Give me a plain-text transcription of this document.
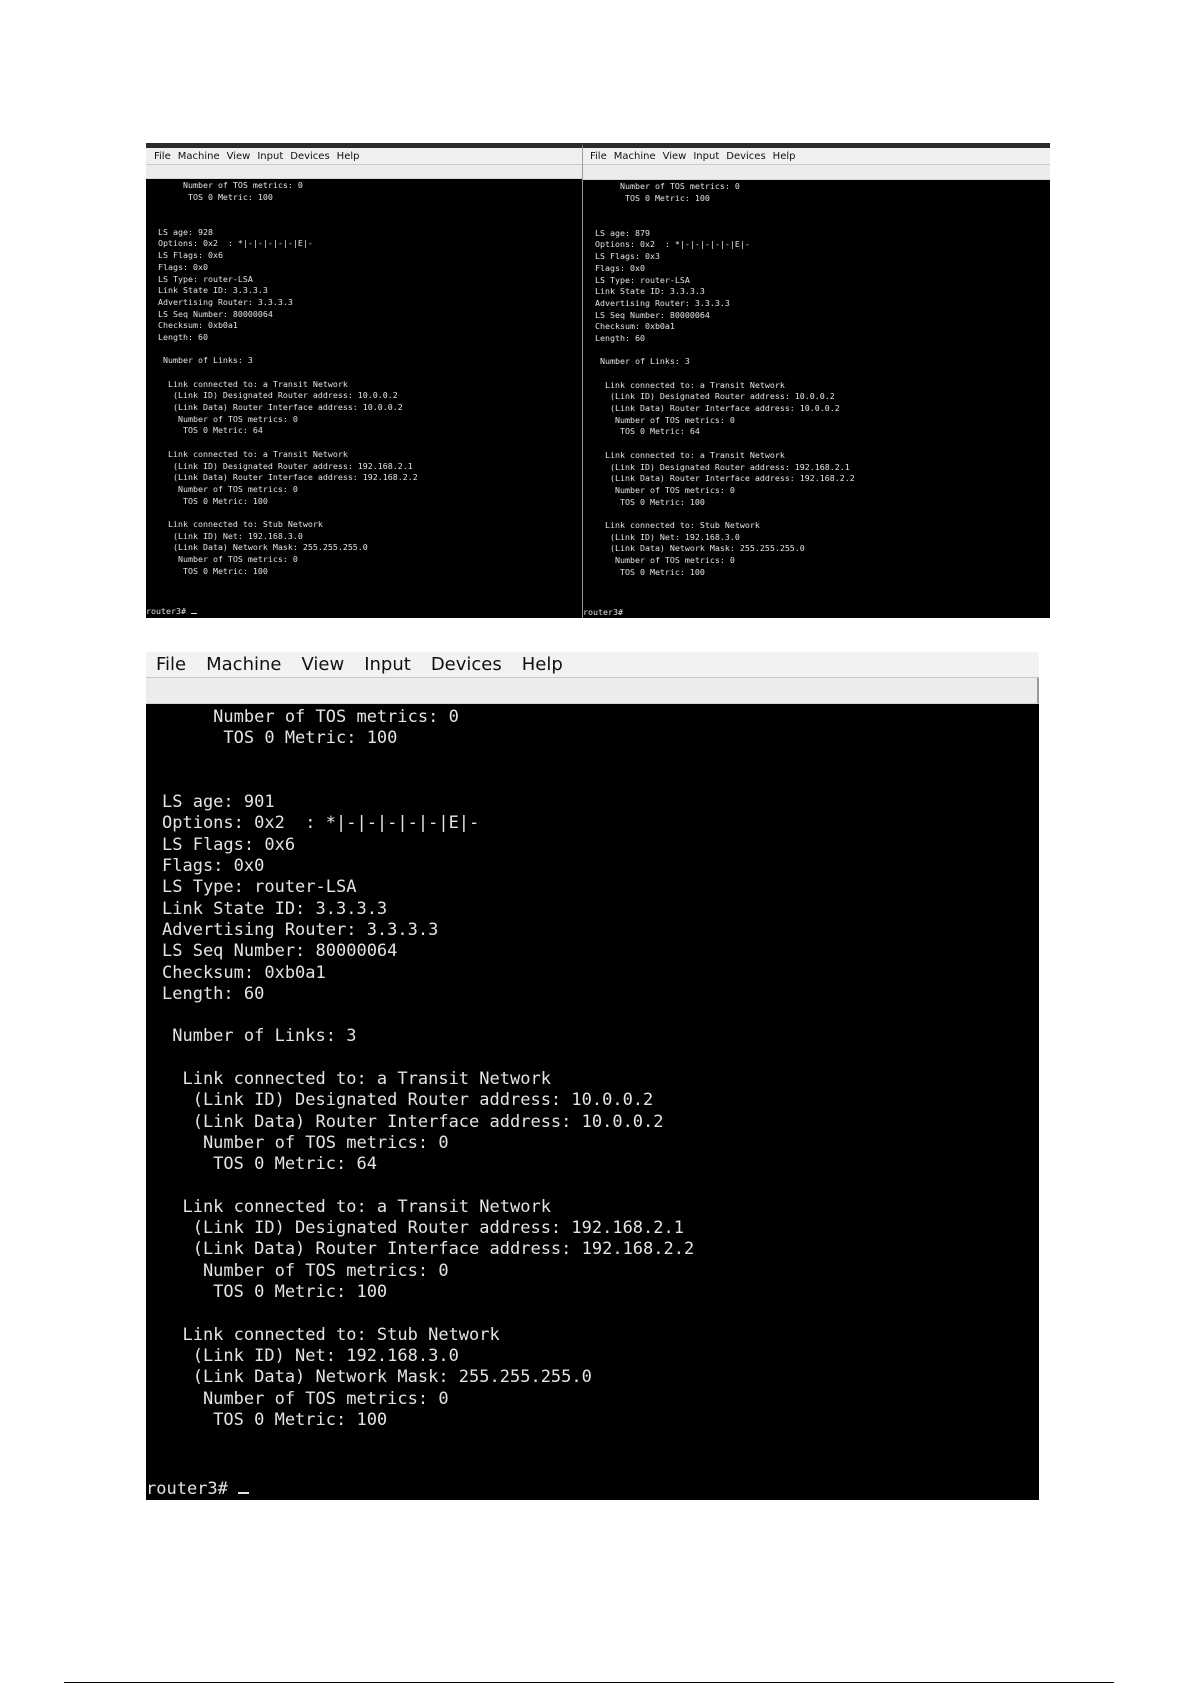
File Machine View Input Devices Help
Number of TOS metrics: 0
TOS 0 Metric: 100
LS age: 928
Options: 0x2  : *|-|-|-|-|-|E|-
LS Flags: 0x6
Flags: 0x0
LS Type: router-LSA
Link State ID: 3.3.3.3
Advertising Router: 3.3.3.3
LS Seq Number: 80000064
Checksum: 0xb0a1
Length: 60
Number of Links: 3
Link connected to: a Transit Network
(Link ID) Designated Router address: 10.0.0.2
(Link Data) Router Interface address: 10.0.0.2
Number of TOS metrics: 0
TOS 0 Metric: 64
Link connected to: a Transit Network
(Link ID) Designated Router address: 192.168.2.1
(Link Data) Router Interface address: 192.168.2.2
Number of TOS metrics: 0
TOS 0 Metric: 100
Link connected to: Stub Network
(Link ID) Net: 192.168.3.0
(Link Data) Network Mask: 255.255.255.0
Number of TOS metrics: 0
TOS 0 Metric: 100
router3#
File Machine View Input Devices Help
Number of TOS metrics: 0
TOS 0 Metric: 100
LS age: 879
Options: 0x2  : *|-|-|-|-|-|E|-
LS Flags: 0x3
Flags: 0x0
LS Type: router-LSA
Link State ID: 3.3.3.3
Advertising Router: 3.3.3.3
LS Seq Number: 80000064
Checksum: 0xb0a1
Length: 60
Number of Links: 3
Link connected to: a Transit Network
(Link ID) Designated Router address: 10.0.0.2
(Link Data) Router Interface address: 10.0.0.2
Number of TOS metrics: 0
TOS 0 Metric: 64
Link connected to: a Transit Network
(Link ID) Designated Router address: 192.168.2.1
(Link Data) Router Interface address: 192.168.2.2
Number of TOS metrics: 0
TOS 0 Metric: 100
Link connected to: Stub Network
(Link ID) Net: 192.168.3.0
(Link Data) Network Mask: 255.255.255.0
Number of TOS metrics: 0
TOS 0 Metric: 100
router3#
File Machine View Input Devices Help
Number of TOS metrics: 0
TOS 0 Metric: 100
LS age: 901
Options: 0x2  : *|-|-|-|-|-|E|-
LS Flags: 0x6
Flags: 0x0
LS Type: router-LSA
Link State ID: 3.3.3.3
Advertising Router: 3.3.3.3
LS Seq Number: 80000064
Checksum: 0xb0a1
Length: 60
Number of Links: 3
Link connected to: a Transit Network
(Link ID) Designated Router address: 10.0.0.2
(Link Data) Router Interface address: 10.0.0.2
Number of TOS metrics: 0
TOS 0 Metric: 64
Link connected to: a Transit Network
(Link ID) Designated Router address: 192.168.2.1
(Link Data) Router Interface address: 192.168.2.2
Number of TOS metrics: 0
TOS 0 Metric: 100
Link connected to: Stub Network
(Link ID) Net: 192.168.3.0
(Link Data) Network Mask: 255.255.255.0
Number of TOS metrics: 0
TOS 0 Metric: 100
router3#
